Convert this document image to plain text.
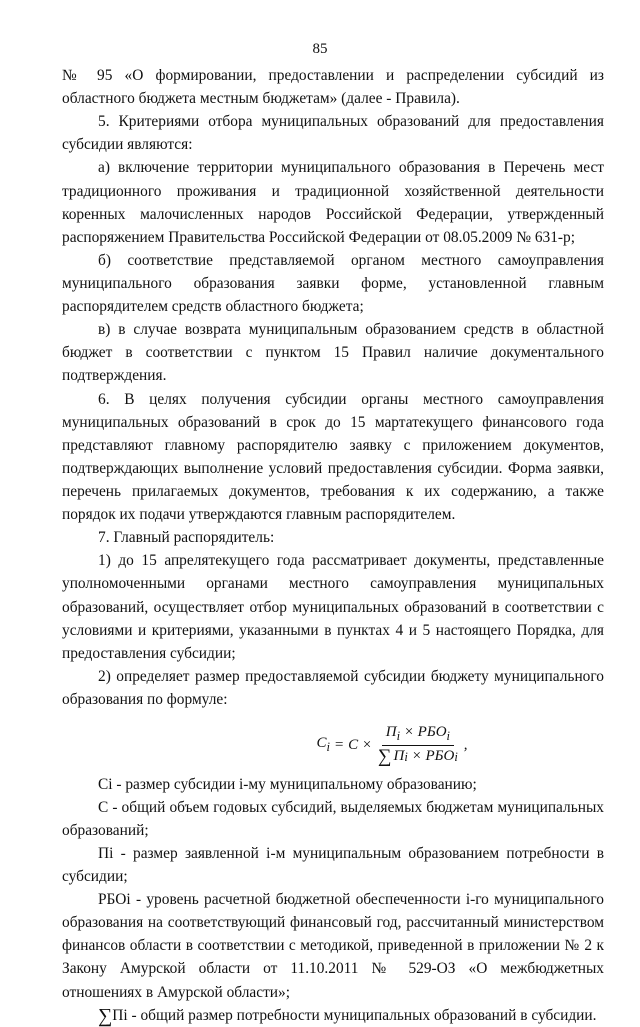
85

№ 95 «О формировании, предоставлении и распределении субсидий из областного бюджета местным бюджетам» (далее - Правила).

5. Критериями отбора муниципальных образований для предоставления субсидии являются:

а) включение территории муниципального образования в Перечень мест традиционного проживания и традиционной хозяйственной деятельности коренных малочисленных народов Российской Федерации, утвержденный распоряжением Правительства Российской Федерации от 08.05.2009 № 631-р;

б) соответствие представляемой органом местного самоуправления муниципального образования заявки форме, установленной главным распорядителем средств областного бюджета;

в) в случае возврата муниципальным образованием средств в областной бюджет в соответствии с пунктом 15 Правил наличие документального подтверждения.

6. В целях получения субсидии органы местного самоуправления муниципальных образований в срок до 15 мартатекущего финансового года представляют главному распорядителю заявку с приложением документов, подтверждающих выполнение условий предоставления субсидии. Форма заявки, перечень прилагаемых документов, требования к их содержанию, а также порядок их подачи утверждаются главным распорядителем.

7. Главный распорядитель:

1) до 15 апрелятекущего года рассматривает документы, представленные уполномоченными органами местного самоуправления муниципальных образований, осуществляет отбор муниципальных образований в соответствии с условиями и критериями, указанными в пунктах 4 и 5 настоящего Порядка, для предоставления субсидии;

2) определяет размер предоставляемой субсидии бюджету муниципального образования по формуле:

$C_i = C \times П_i \times РБО_i$
∑ П i
× РБО i ,

Сi - размер субсидии i-му муниципальному образованию;

С - общий объем годовых субсидий, выделяемых бюджетам муниципальных образований;

Пi - размер заявленной i-м муниципальным образованием потребности в субсидии;

РБОi - уровень расчетной бюджетной обеспеченности i-го муниципального образования на соответствующий финансовый год, рассчитанный министерством финансов области в соответствии с методикой, приведенной в приложении № 2 к Закону Амурской области от 11.10.2011 № 529-ОЗ «О межбюджетных отношениях в Амурской области»;

∑Пi - общий размер потребности муниципальных образований в субсидии.
